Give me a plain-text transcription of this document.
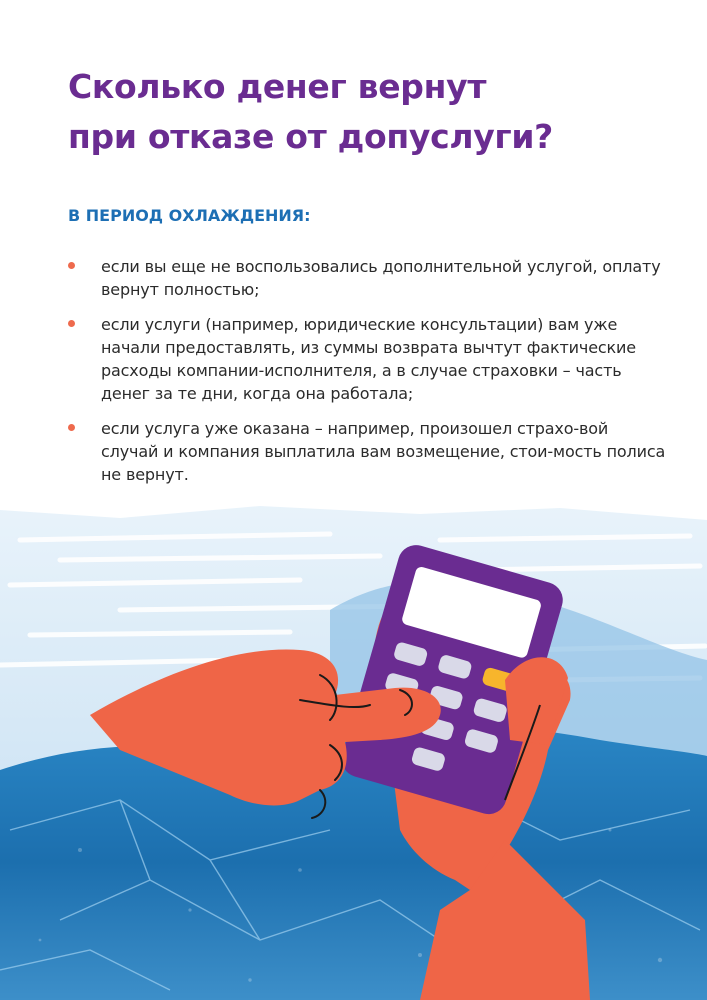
Сколько денег вернут
при отказе от допуслуги?
В ПЕРИОД ОХЛАЖДЕНИЯ:
если вы еще не воспользовались дополнительной услугой, оплату вернут полностью;
если услуги (например, юридические консультации) вам уже начали предоставлять, из суммы возврата вычтут фактические расходы компании-исполнителя, а в случае страховки – часть денег за те дни, когда она работала;
если услуга уже оказана – например, произошел страхо-вой случай и компания выплатила вам возмещение, стои-мость полиса не вернут.
